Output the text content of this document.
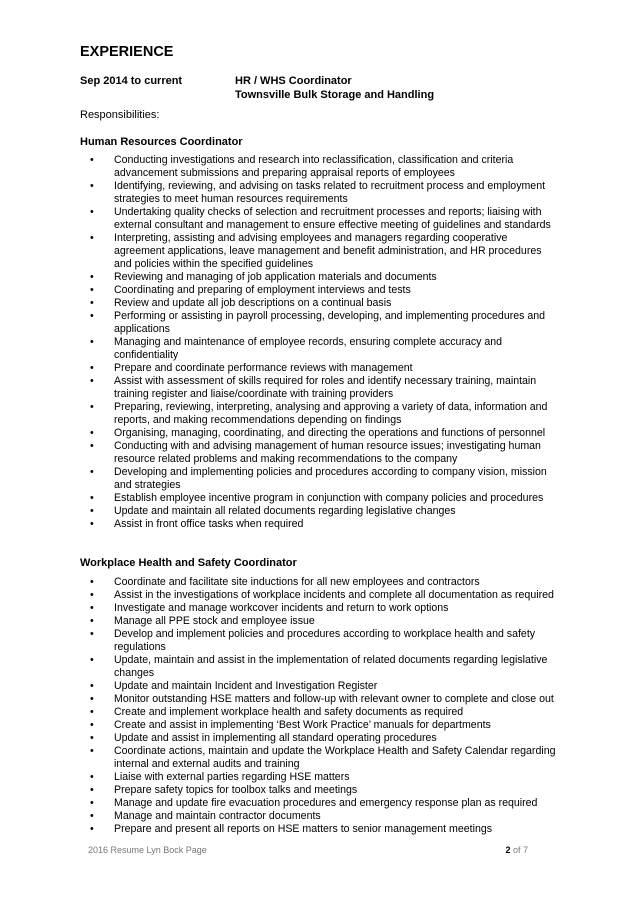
EXPERIENCE
Sep 2014 to current	HR / WHS Coordinator
Townsville Bulk Storage and Handling
Responsibilities:
Human Resources Coordinator
• Conducting investigations and research into reclassification, classification and criteria
advancement submissions and preparing appraisal reports of employees
• Identifying, reviewing, and advising on tasks related to recruitment process and employment
strategies to meet human resources requirements
• Undertaking quality checks of selection and recruitment processes and reports; liaising with
external consultant and management to ensure effective meeting of guidelines and standards
• Interpreting, assisting and advising employees and managers regarding cooperative
agreement applications, leave management and benefit administration, and HR procedures
and policies within the specified guidelines
• Reviewing and managing of job application materials and documents
• Coordinating and preparing of employment interviews and tests
• Review and update all job descriptions on a continual basis
• Performing or assisting in payroll processing, developing, and implementing procedures and
applications
• Managing and maintenance of employee records, ensuring complete accuracy and
confidentiality
• Prepare and coordinate performance reviews with management
• Assist with assessment of skills required for roles and identify necessary training, maintain
training register and liaise/coordinate with training providers
• Preparing, reviewing, interpreting, analysing and approving a variety of data, information and
reports, and making recommendations depending on findings
• Organising, managing, coordinating, and directing the operations and functions of personnel
• Conducting with and advising management of human resource issues; investigating human
resource related problems and making recommendations to the company
• Developing and implementing policies and procedures according to company vision, mission
and strategies
• Establish employee incentive program in conjunction with company policies and procedures
• Update and maintain all related documents regarding legislative changes
• Assist in front office tasks when required
Workplace Health and Safety Coordinator
• Coordinate and facilitate site inductions for all new employees and contractors
• Assist in the investigations of workplace incidents and complete all documentation as required
• Investigate and manage workcover incidents and return to work options
• Manage all PPE stock and employee issue
• Develop and implement policies and procedures according to workplace health and safety
regulations
• Update, maintain and assist in the implementation of related documents regarding legislative
changes
• Update and maintain Incident and Investigation Register
• Monitor outstanding HSE matters and follow-up with relevant owner to complete and close out
• Create and implement workplace health and safety documents as required
• Create and assist in implementing ‘Best Work Practice’ manuals for departments
• Update and assist in implementing all standard operating procedures
• Coordinate actions, maintain and update the Workplace Health and Safety Calendar regarding
internal and external audits and training
• Liaise with external parties regarding HSE matters
• Prepare safety topics for toolbox talks and meetings
• Manage and update fire evacuation procedures and emergency response plan as required
• Manage and maintain contractor documents
• Prepare and present all reports on HSE matters to senior management meetings
2016 Resume Lyn Bock Page	2 of 7
